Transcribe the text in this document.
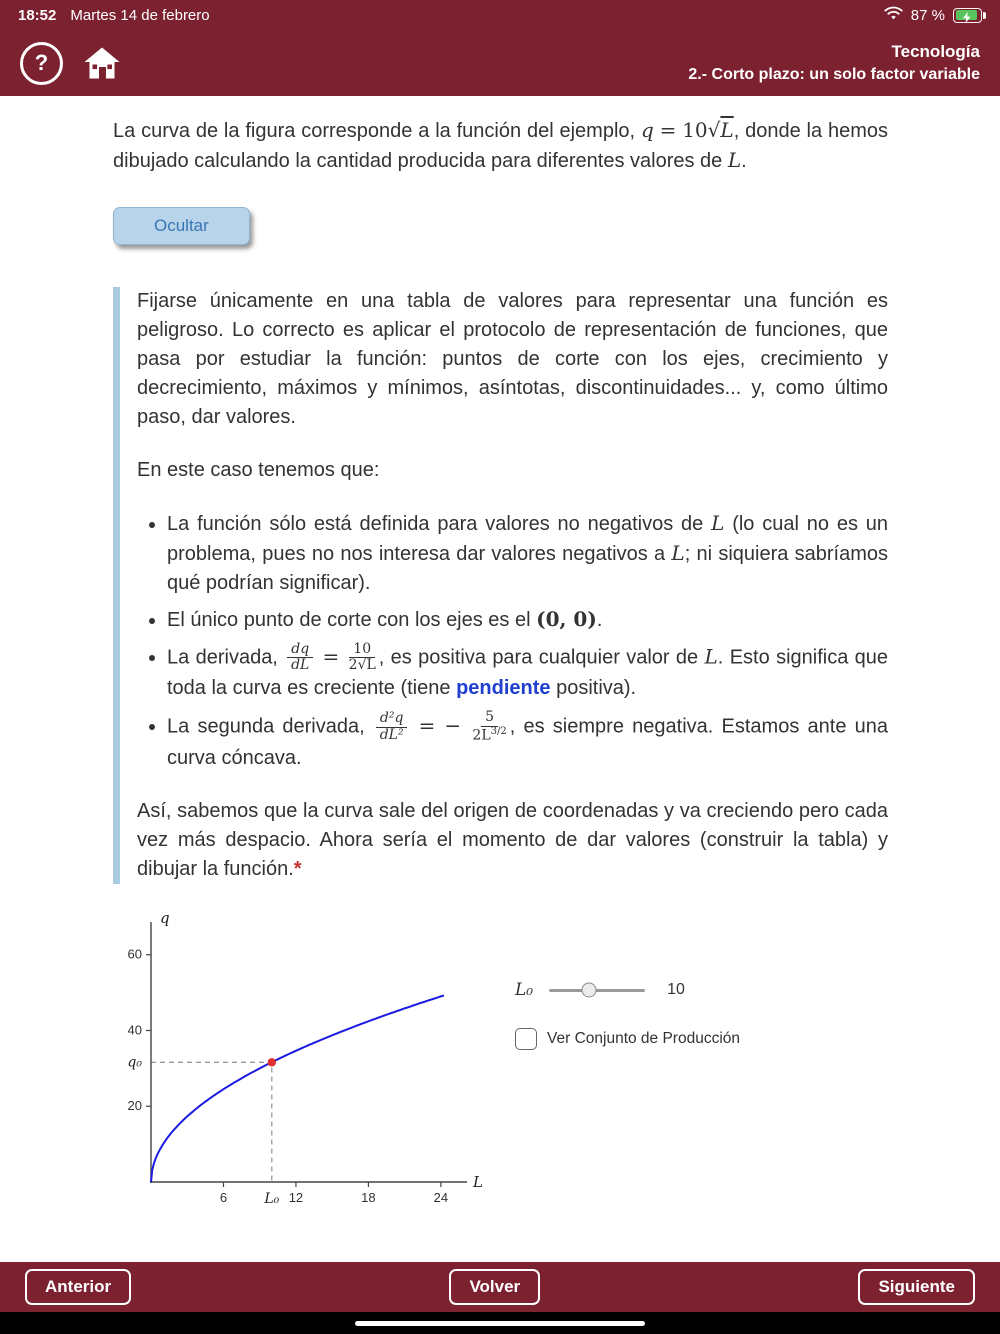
18:52 Martes 14 de febrero	87 %
?	Tecnología
2.- Corto plazo: un solo factor variable

La curva de la figura corresponde a la función del ejemplo, q = 10√L, donde la hemos dibujado calculando la cantidad producida para diferentes valores de L.

Ocultar

Fijarse únicamente en una tabla de valores para representar una función es peligroso. Lo correcto es aplicar el protocolo de representación de funciones, que pasa por estudiar la función: puntos de corte con los ejes, crecimiento y decrecimiento, máximos y mínimos, asíntotas, discontinuidades... y, como último paso, dar valores.

En este caso tenemos que:

• La función sólo está definida para valores no negativos de L (lo cual no es un problema, pues no nos interesa dar valores negativos a L; ni siquiera sabríamos qué podrían significar).
• El único punto de corte con los ejes es el (0, 0).
• La derivada, $\frac{dq}{dL} = \frac{10}{2√L}$ , es positiva para cualquier valor de L. Esto significa que toda la curva es creciente (tiene pendiente positiva).
• La segunda derivada, $\frac{\text{d²q}}{\text{dL²}}$ = − $\frac{5}{2L^{3/2}}$ , es siempre negativa. Estamos ante una curva cóncava.

Así, sabemos que la curva sale del origen de coordenadas y va creciendo pero cada vez más despacio. Ahora sería el momento de dar valores (construir la tabla) y dibujar la función.*

6	12	18	24
20
40
60
q₀
L₀
q
L
L₀	10
Ver Conjunto de Producción
Anterior	Volver	Siguiente
